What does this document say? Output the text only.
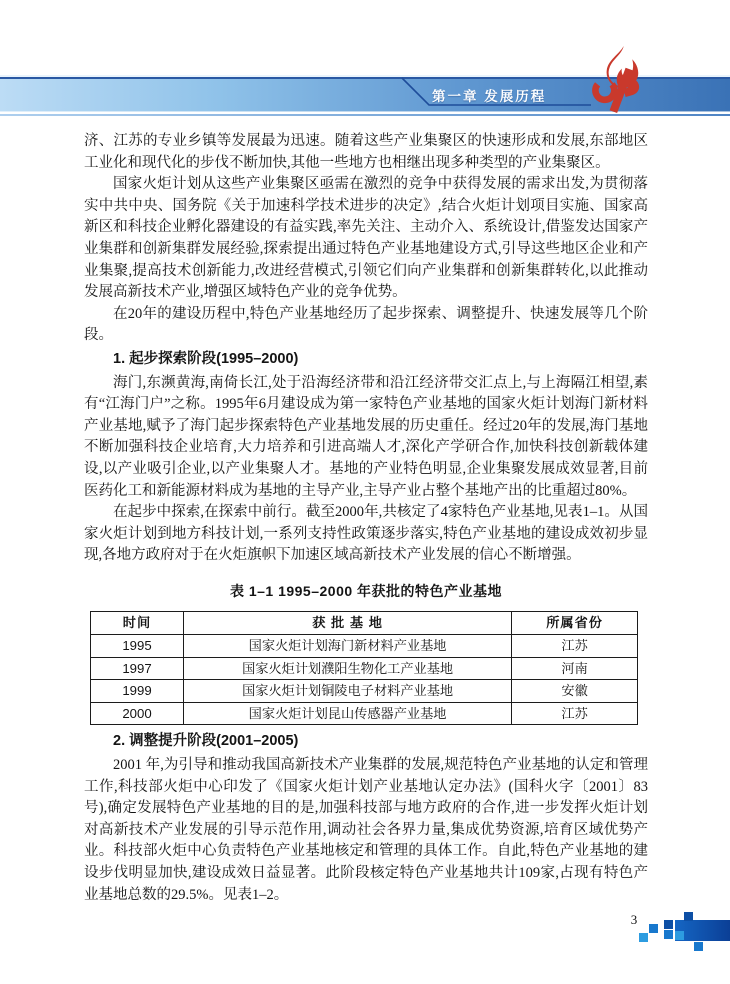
第一章 发展历程

济、江苏的专业乡镇等发展最为迅速。随着这些产业集聚区的快速形成和发展,东部地区工业化和现代化的步伐不断加快,其他一些地方也相继出现多种类型的产业集聚区。

国家火炬计划从这些产业集聚区亟需在激烈的竞争中获得发展的需求出发,为贯彻落实中共中央、国务院《关于加速科学技术进步的决定》,结合火炬计划项目实施、国家高新区和科技企业孵化器建设的有益实践,率先关注、主动介入、系统设计,借鉴发达国家产业集群和创新集群发展经验,探索提出通过特色产业基地建设方式,引导这些地区企业和产业集聚,提高技术创新能力,改进经营模式,引领它们向产业集群和创新集群转化,以此推动发展高新技术产业,增强区域特色产业的竞争优势。

在20年的建设历程中,特色产业基地经历了起步探索、调整提升、快速发展等几个阶段。

1. 起步探索阶段(1995–2000)

海门,东濒黄海,南倚长江,处于沿海经济带和沿江经济带交汇点上,与上海隔江相望,素有“江海门户”之称。1995年6月建设成为第一家特色产业基地的国家火炬计划海门新材料产业基地,赋予了海门起步探索特色产业基地发展的历史重任。经过20年的发展,海门基地不断加强科技企业培育,大力培养和引进高端人才,深化产学研合作,加快科技创新载体建设,以产业吸引企业,以产业集聚人才。基地的产业特色明显,企业集聚发展成效显著,目前医药化工和新能源材料成为基地的主导产业,主导产业占整个基地产出的比重超过80%。

在起步中探索,在探索中前行。截至2000年,共核定了4家特色产业基地,见表1–1。从国家火炬计划到地方科技计划,一系列支持性政策逐步落实,特色产业基地的建设成效初步显现,各地方政府对于在火炬旗帜下加速区域高新技术产业发展的信心不断增强。

表 1–1 1995–2000 年获批的特色产业基地
时间	获 批 基 地	所属省份
1995	国家火炬计划海门新材料产业基地	江苏
1997	国家火炬计划濮阳生物化工产业基地	河南
1999	国家火炬计划铜陵电子材料产业基地	安徽
2000	国家火炬计划昆山传感器产业基地	江苏
2. 调整提升阶段(2001–2005)

2001 年,为引导和推动我国高新技术产业集群的发展,规范特色产业基地的认定和管理工作,科技部火炬中心印发了《国家火炬计划产业基地认定办法》(国科火字〔2001〕83 号),确定发展特色产业基地的目的是,加强科技部与地方政府的合作,进一步发挥火炬计划对高新技术产业发展的引导示范作用,调动社会各界力量,集成优势资源,培育区域优势产业。科技部火炬中心负责特色产业基地核定和管理的具体工作。自此,特色产业基地的建设步伐明显加快,建设成效日益显著。此阶段核定特色产业基地共计109家,占现有特色产业基地总数的29.5%。见表1–2。

3
